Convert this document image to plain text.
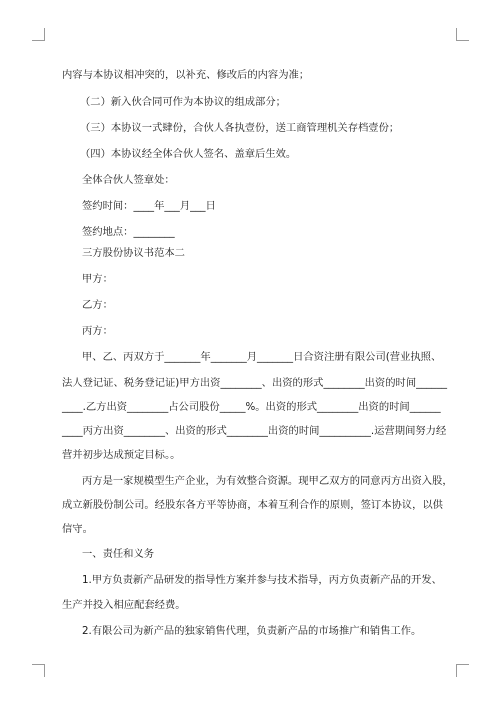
内容与本协议相冲突的，以补充、修改后的内容为准；
（二）新入伙合同可作为本协议的组成部分；
（三）本协议一式肆份，合伙人各执壹份，送工商管理机关存档壹份；
（四）本协议经全体合伙人签名、盖章后生效。
全体合伙人签章处：
签约时间：____年___月___日
签约地点：________
三方股份协议书范本二
甲方：
乙方：
丙方：
甲、乙、丙双方于_______年_______月_______日合资注册有限公司(营业执照、
法人登记证、税务登记证)甲方出资________、出资的形式________出资的时间______
____.乙方出资________占公司股份_____%。出资的形式________出资的时间______
____丙方出资________、出资的形式________出资的时间__________.运营期间努力经
营并初步达成预定目标。。
丙方是一家规模型生产企业，为有效整合资源。现甲乙双方的同意丙方出资入股，
成立新股份制公司。经股东各方平等协商，本着互利合作的原则，签订本协议，以供
信守。
一、责任和义务
1.甲方负责新产品研发的指导性方案并参与技术指导，丙方负责新产品的开发、
生产并投入相应配套经费。
2.有限公司为新产品的独家销售代理，负责新产品的市场推广和销售工作。
